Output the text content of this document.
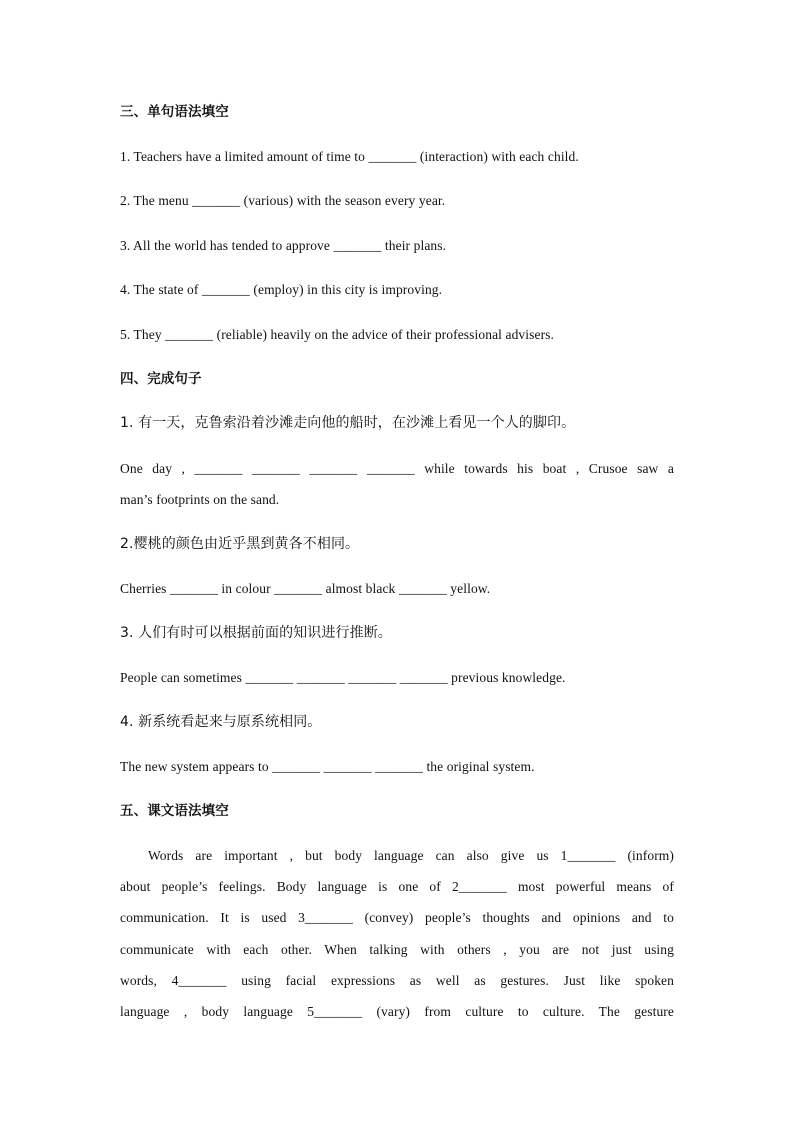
三、单句语法填空
1. Teachers have a limited amount of time to _______ (interaction) with each child.
2. The menu _______ (various) with the season every year.
3. All the world has tended to approve _______ their plans.
4. The state of _______ (employ) in this city is improving.
5. They _______ (reliable) heavily on the advice of their professional advisers.
四、完成句子
1. 有一天，克鲁索沿着沙滩走向他的船时，在沙滩上看见一个人的脚印。
One day , _______ _______ _______ _______ while towards his boat , Crusoe saw a
man’s footprints on the sand.
2.樱桃的颜色由近乎黑到黄各不相同。
Cherries _______ in colour _______ almost black _______ yellow.
3. 人们有时可以根据前面的知识进行推断。
People can sometimes _______ _______ _______ _______ previous knowledge.
4. 新系统看起来与原系统相同。
The new system appears to _______ _______ _______ the original system.
五、课文语法填空
Words are important , but body language can also give us 1_______ (inform)
about people’s feelings. Body language is one of 2_______ most powerful means of
communication. It is used 3_______ (convey) people’s thoughts and opinions and to
communicate with each other. When talking with others , you are not just using
words, 4_______ using facial expressions as well as gestures. Just like spoken
language , body language 5_______ (vary) from culture to culture. The gesture
